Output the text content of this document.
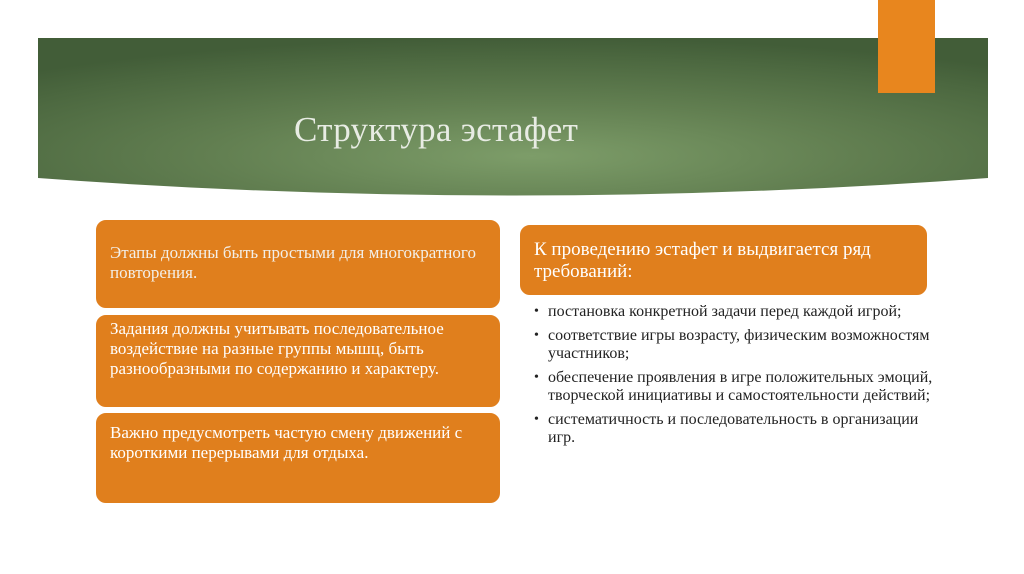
Структура эстафет
Этапы должны быть простыми для многократного повторения.
Задания должны учитывать последовательное воздействие на разные группы мышц, быть разнообразными по содержанию и характеру.
Важно предусмотреть частую смену движений с короткими перерывами для отдыха.
К проведению эстафет и выдвигается ряд требований:
• постановка конкретной задачи перед каждой игрой;
• соответствие игры возрасту, физическим возможностям участников;
• обеспечение проявления в игре положительных эмоций, творческой инициативы и самостоятельности действий;
• систематичность и последовательность в организации игр.
